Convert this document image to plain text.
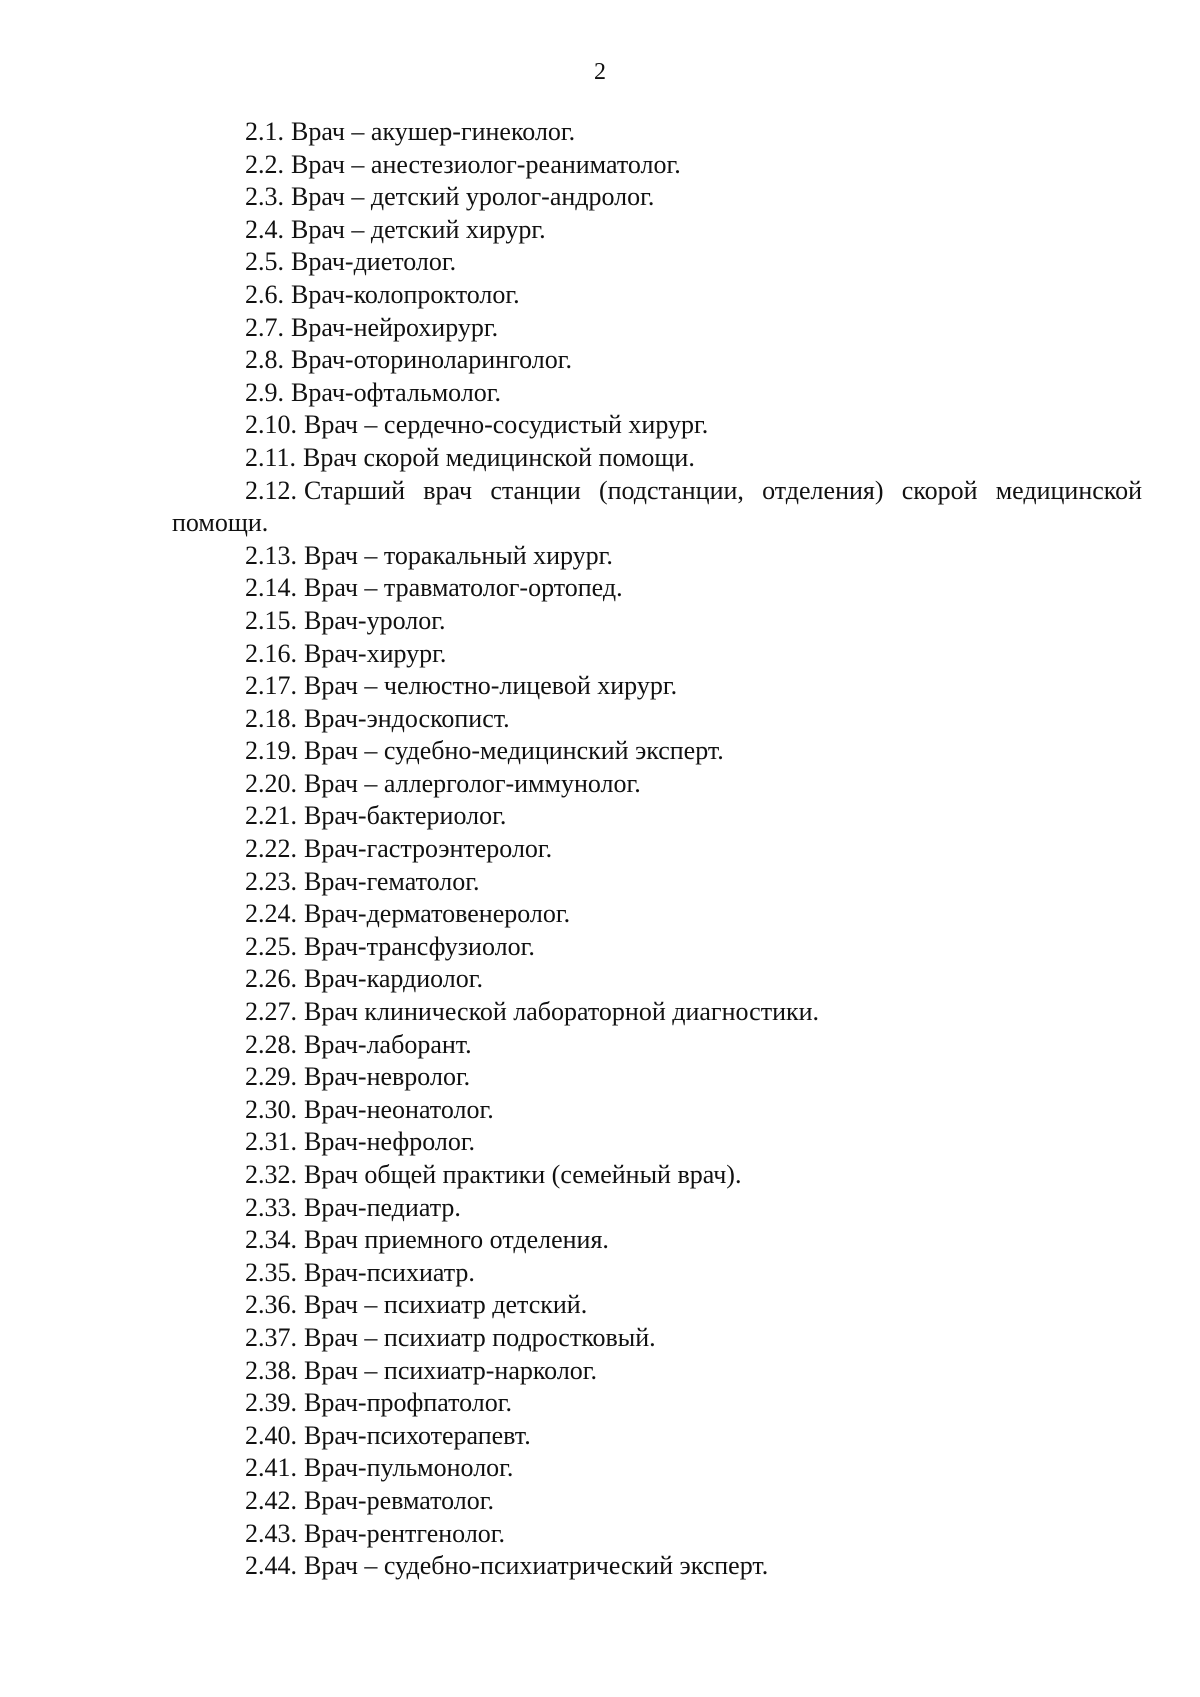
2

2.1. Врач – акушер-гинеколог.

2.2. Врач – анестезиолог-реаниматолог.

2.3. Врач – детский уролог-андролог.

2.4. Врач – детский хирург.

2.5. Врач-диетолог.

2.6. Врач-колопроктолог.

2.7. Врач-нейрохирург.

2.8. Врач-оториноларинголог.

2.9. Врач-офтальмолог.

2.10. Врач – сердечно-сосудистый хирург.

2.11. Врач скорой медицинской помощи.

2.12. Старший врач станции (подстанции, отделения) скорой медицинской помощи.

2.13. Врач – торакальный хирург.

2.14. Врач – травматолог-ортопед.

2.15. Врач-уролог.

2.16. Врач-хирург.

2.17. Врач – челюстно-лицевой хирург.

2.18. Врач-эндоскопист.

2.19. Врач – судебно-медицинский эксперт.

2.20. Врач – аллерголог-иммунолог.

2.21. Врач-бактериолог.

2.22. Врач-гастроэнтеролог.

2.23. Врач-гематолог.

2.24. Врач-дерматовенеролог.

2.25. Врач-трансфузиолог.

2.26. Врач-кардиолог.

2.27. Врач клинической лабораторной диагностики.

2.28. Врач-лаборант.

2.29. Врач-невролог.

2.30. Врач-неонатолог.

2.31. Врач-нефролог.

2.32. Врач общей практики (семейный врач).

2.33. Врач-педиатр.

2.34. Врач приемного отделения.

2.35. Врач-психиатр.

2.36. Врач – психиатр детский.

2.37. Врач – психиатр подростковый.

2.38. Врач – психиатр-нарколог.

2.39. Врач-профпатолог.

2.40. Врач-психотерапевт.

2.41. Врач-пульмонолог.

2.42. Врач-ревматолог.

2.43. Врач-рентгенолог.

2.44. Врач – судебно-психиатрический эксперт.
